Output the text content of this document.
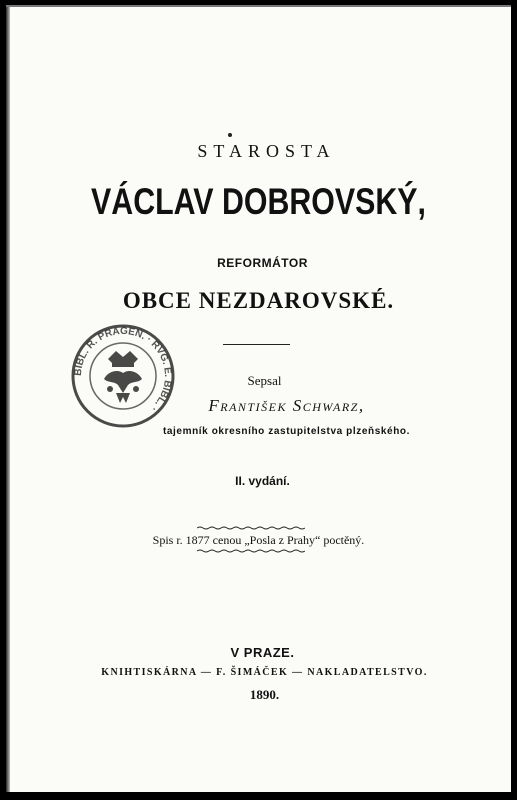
STAROSTA
VÁCLAV DOBROVSKÝ,
REFORMÁTOR
OBCE NEZDAROVSKÉ.
BIBL. R. PRAGEN. · RVG. E. BIBL. ·
Sepsal
František Schwarz,
tajemník okresního zastupitelstva plzeňského.
II. vydání.
Spis r. 1877 cenou „Posla z Prahy“ poctěný.
V PRAZE.
KNIHTISKÁRNA — F. ŠIMÁČEK — NAKLADATELSTVO.
1890.
